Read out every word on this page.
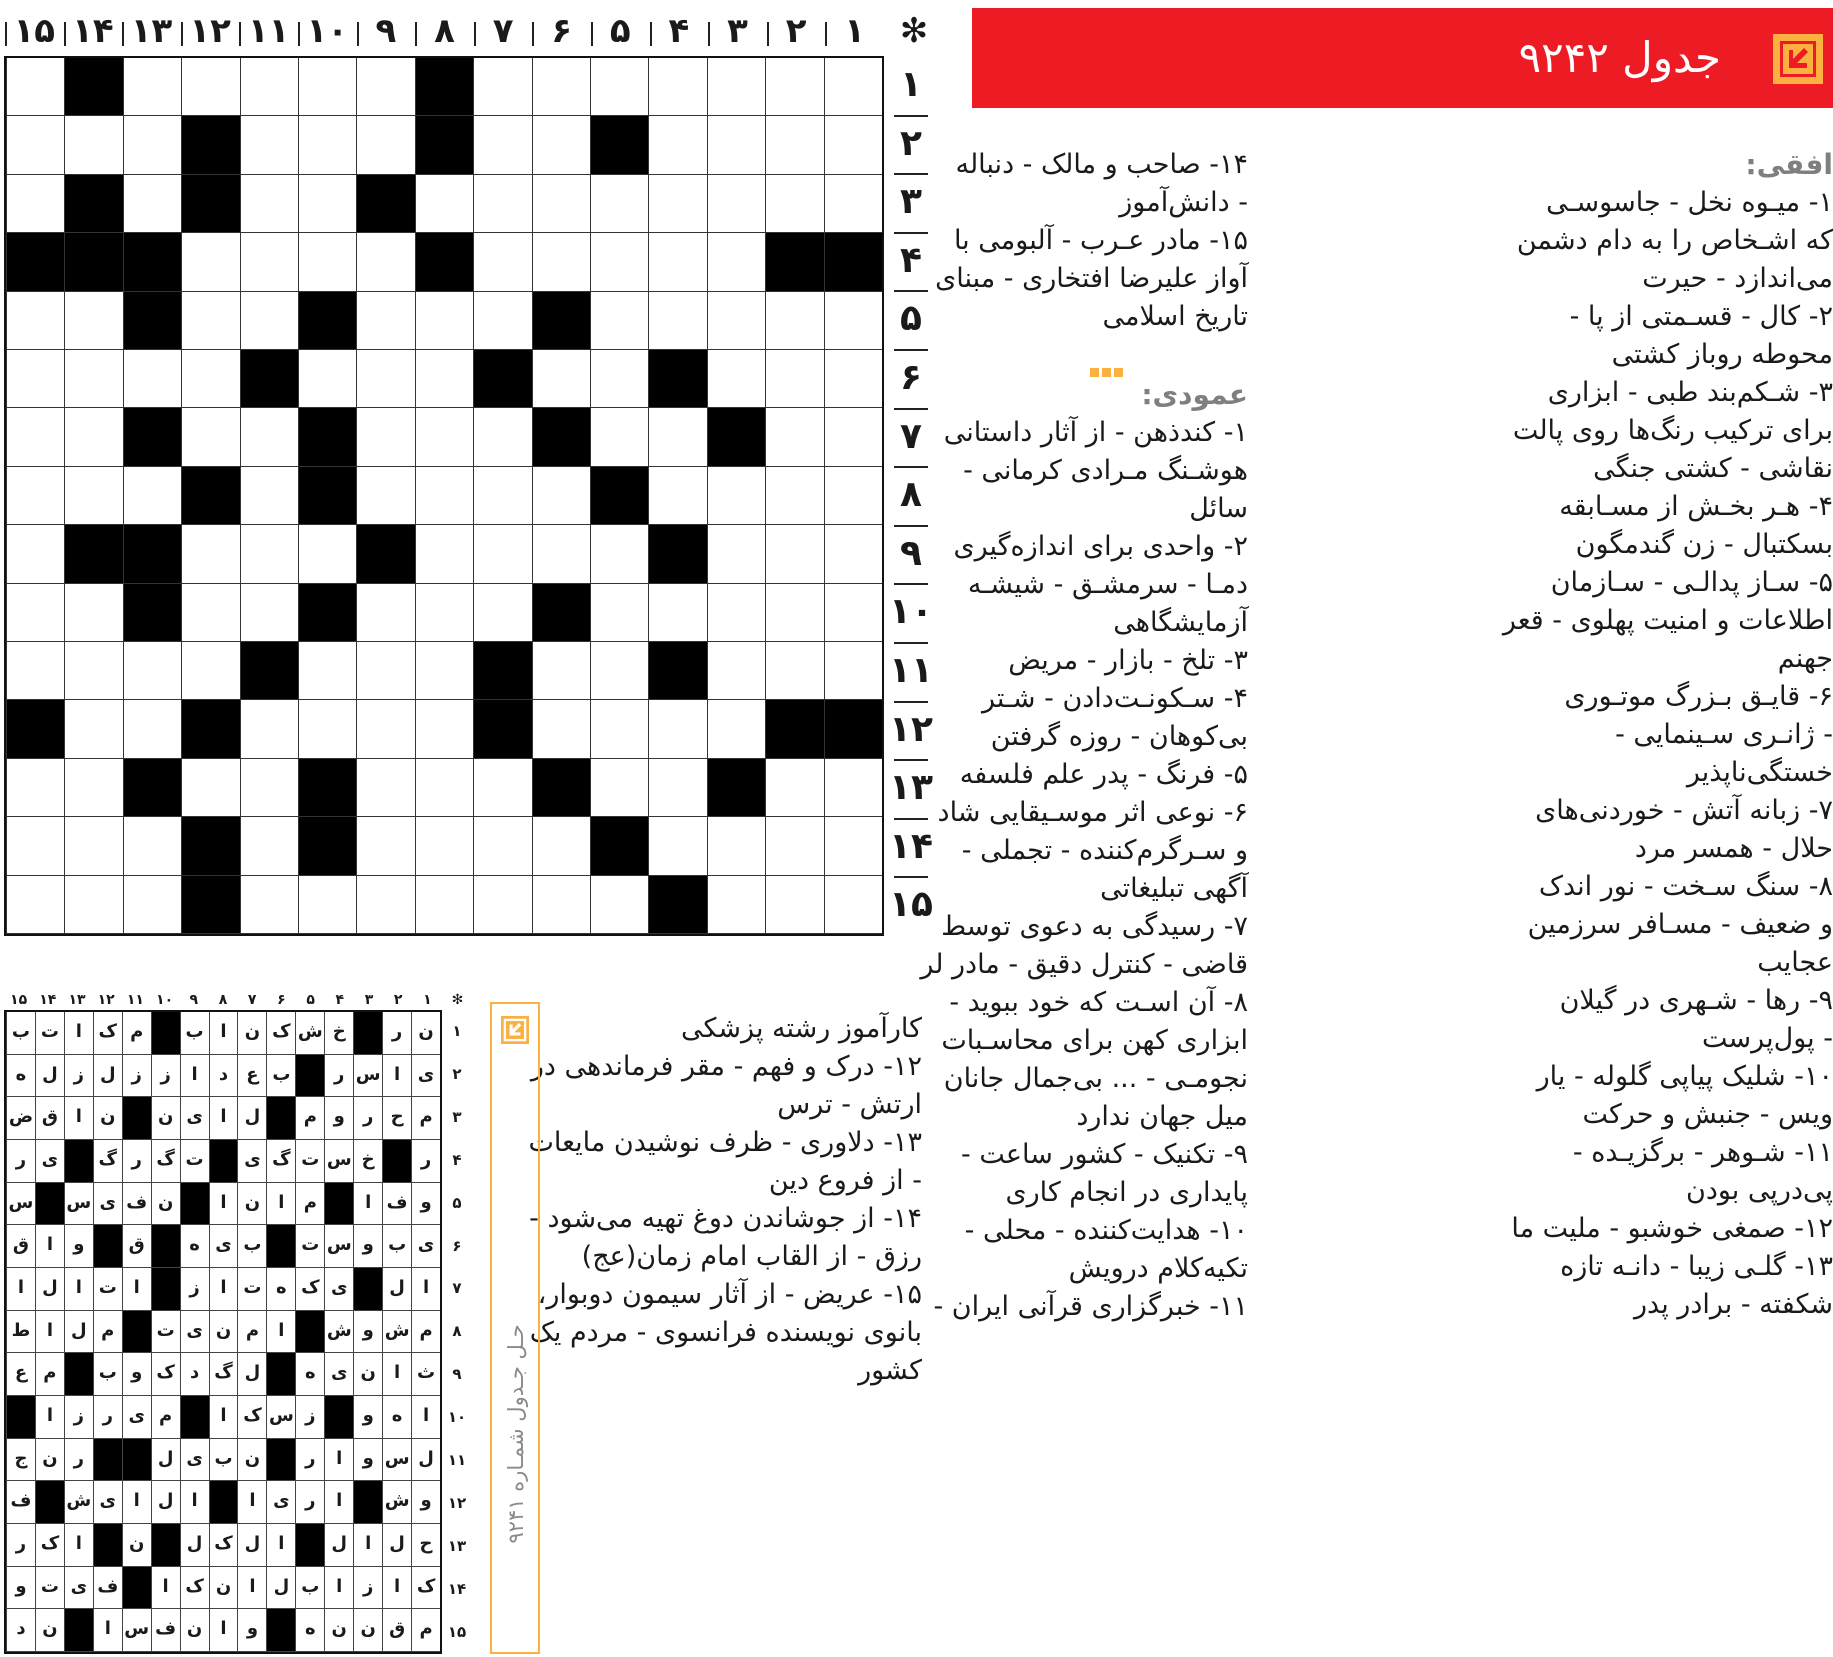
✻
۱
۲
۳
۴
۵
۶
۷
۸
۹
۱۰
۱۱
۱۲
۱۳
۱۴
۱۵
۱
۲
۳
۴
۵
۶
۷
۸
۹
۱۰
۱۱
۱۲
۱۳
۱۴
۱۵
جدول ۹۲۴۲
افقی:
۱- میـوه نخل - جاسوسـی
که اشـخاص را به دام دشمن
می‌اندازد - حیرت
۲- کال - قسـمتی از پا -
محوطه روباز کشتی
۳- شـکم‌بند طبی - ابزاری
برای ترکیب رنگ‌ها روی پالت
نقاشی - کشتی جنگی
۴- هـر بخـش از مسـابقه
بسکتبال - زن گندمگون
۵- سـاز پدالـی - سـازمان
اطلاعات و امنیت پهلوی - قعر
جهنم
۶- قایـق بـزرگ موتـوری
- ژانـری سـینمایی -
خستگی‌ناپذیر
۷- زبانه آتش - خوردنی‌های
حلال - همسر مرد
۸- سنگ سـخت - نور اندک
و ضعیف - مسـافر سرزمین
عجایب
۹- رها - شـهری در گیلان
- پول‌پرست
۱۰- شلیک پیاپی گلوله - یار
ویس - جنبش و حرکت
۱۱- شـوهر - برگزیـده -
پی‌درپی بودن
۱۲- صمغی خوشبو - ملیت ما
۱۳- گلـی زیبا - دانـه تازه
شکفته - برادر پدر
۱۴- صاحب و مالک - دنباله
- دانش‌آموز
۱۵- مادر عـرب - آلبومی با
آواز علیرضا افتخاری - مبنای
تاریخ اسلامی
عمودی:
۱- کندذهن - از آثار داستانی
هوشـنگ مـرادی کرمانی -
سائل
۲- واحدی برای اندازه‌گیری
دمـا - سرمشـق - شیشـه
آزمایشگاهی
۳- تلخ - بازار - مریض
۴- سـکونـت‌دادن - شـتر
بی‌کوهان - روزه گرفتن
۵- فرنگ - پدر علم فلسفه
۶- نوعی اثر موسـیقایی شاد
و سـرگرم‌کننده - تجملی -
آگهی تبلیغاتی
۷- رسیدگی به دعوی توسط
قاضی - کنترل دقیق - مادر لر
۸- آن اسـت که خود ببوید -
ابزاری کهن برای محاسـبات
نجومـی - ... بی‌جمال جانان
میل جهان ندارد
۹- تکنیک - کشور ساعت -
پایداری در انجام کاری
۱۰- هدایت‌کننده - محلی -
تکیه‌کلام درویش
۱۱- خبرگزاری قرآنی ایران -
کارآموز رشته پزشکی
۱۲- درک و فهم - مقر فرماندهی در
ارتش - ترس
۱۳- دلاوری - ظرف نوشیدن مایعات
- از فروع دین
۱۴- از جوشاندن دوغ تهیه می‌شود -
رزق - از القاب امام زمان(عج)
۱۵- عریض - از آثار سیمون دوبوار،
بانوی نویسنده فرانسوی - مردم یک
کشور
حـل جـدول شمـاره ۹۲۴۱
✻
۱
۲
۳
۴
۵
۶
۷
۸
۹
۱۰
۱۱
۱۲
۱۳
۱۴
۱۵
ن
ر
خ
ش
ک
ن
ا
ب
م
ک
ا
ت
ب
ی
ا
س
ر
ب
ع
د
ا
ز
ز
ل
ز
ل
ه
م
ح
ر
و
م
ل
ا
ی
ن
ن
ا
ق
ض
ر
خ
س
ت
گ
ی
ت
گ
ر
گ
ی
ر
و
ف
ا
م
ا
ن
ا
ن
ف
ی
س
س
ی
ب
و
س
ت
ب
ی
ه
ق
و
ا
ق
ا
ل
ی
ک
ه
ت
ا
ز
ا
ت
ا
ل
ا
م
ش
و
ش
ا
م
ن
ی
ت
م
ل
ا
ط
ث
ا
ن
ی
ه
ل
گ
د
ک
و
ب
م
ع
ا
ه
و
ز
س
ک
ا
م
ی
ر
ز
ا
ل
س
و
ا
ر
ن
ب
ی
ل
ر
ن
ج
و
ش
ا
ر
ی
ا
ا
ل
ا
ی
ش
ف
ح
ل
ا
ل
ا
ل
ک
ل
ن
ا
ک
ر
ک
ا
ز
ا
ب
ل
ا
ن
ک
ا
ف
ی
ت
و
م
ق
ن
ن
ه
و
ا
ن
ف
س
ا
ن
د
۱
۲
۳
۴
۵
۶
۷
۸
۹
۱۰
۱۱
۱۲
۱۳
۱۴
۱۵
